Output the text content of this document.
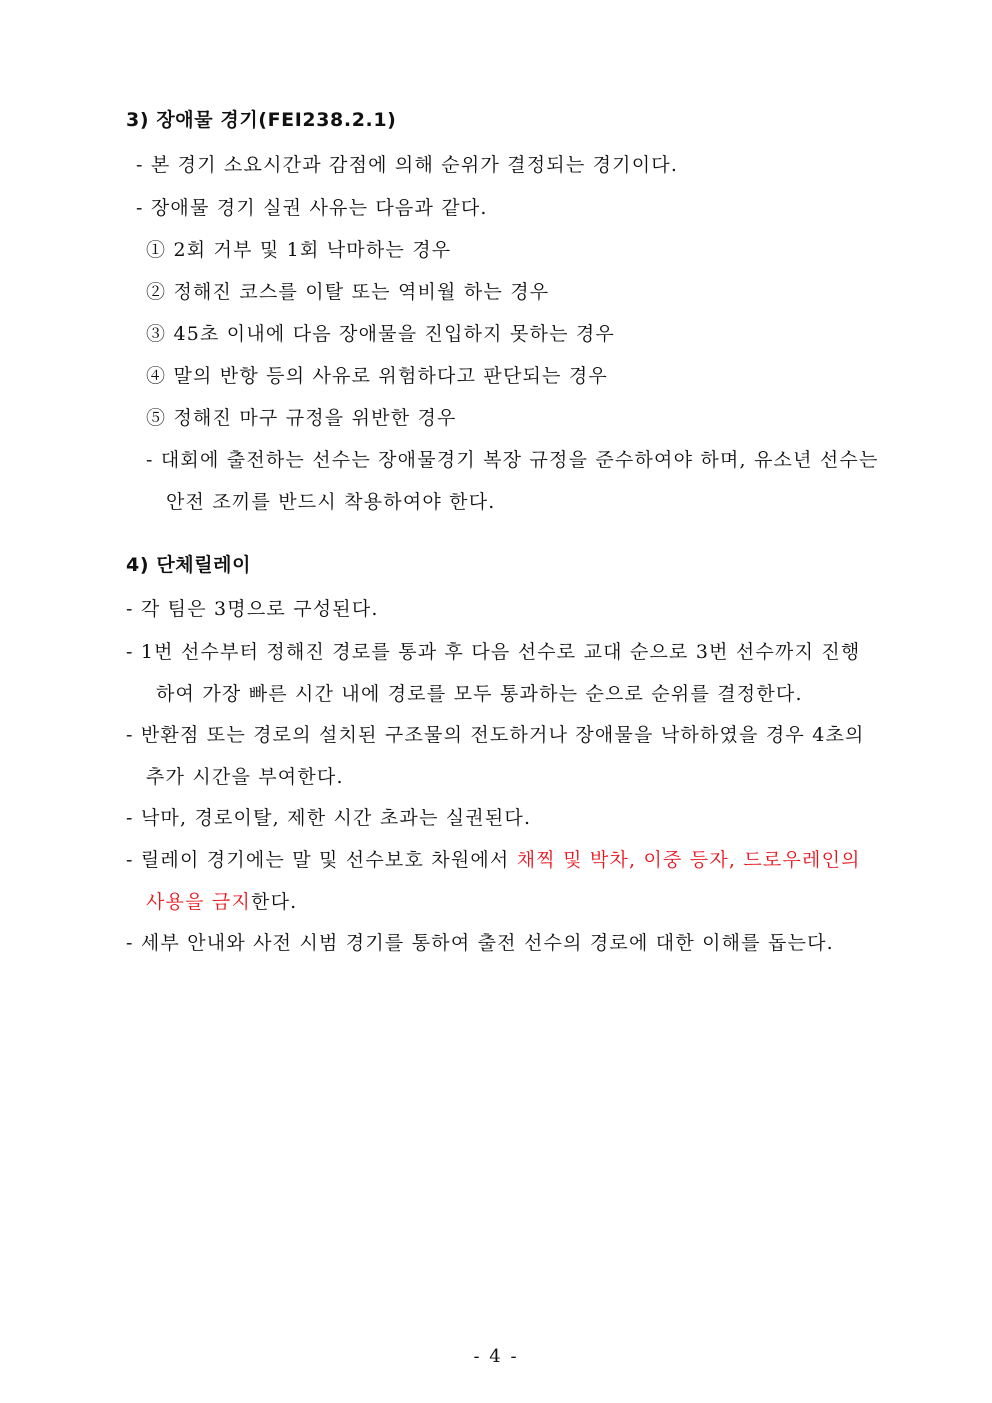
3) 장애물 경기(FEI238.2.1)
- 본 경기 소요시간과 감점에 의해 순위가 결정되는 경기이다.
- 장애물 경기 실권 사유는 다음과 같다.
① 2회 거부 및 1회 낙마하는 경우
② 정해진 코스를 이탈 또는 역비월 하는 경우
③ 45초 이내에 다음 장애물을 진입하지 못하는 경우
④ 말의 반항 등의 사유로 위험하다고 판단되는 경우
⑤ 정해진 마구 규정을 위반한 경우
- 대회에 출전하는 선수는 장애물경기 복장 규정을 준수하여야 하며, 유소년 선수는
안전 조끼를 반드시 착용하여야 한다.
4) 단체릴레이
- 각 팀은 3명으로 구성된다.
- 1번 선수부터 정해진 경로를 통과 후 다음 선수로 교대 순으로 3번 선수까지 진행
하여 가장 빠른 시간 내에 경로를 모두 통과하는 순으로 순위를 결정한다.
- 반환점 또는 경로의 설치된 구조물의 전도하거나 장애물을 낙하하였을 경우 4초의
추가 시간을 부여한다.
- 낙마, 경로이탈, 제한 시간 초과는 실권된다.
- 릴레이 경기에는 말 및 선수보호 차원에서 채찍 및 박차, 이중 등자, 드로우레인의
사용을 금지한다.
- 세부 안내와 사전 시범 경기를 통하여 출전 선수의 경로에 대한 이해를 돕는다.
- 4 -
